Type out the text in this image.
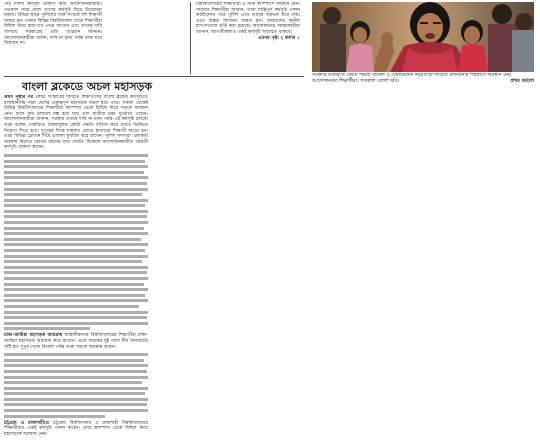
পাঁচ দফায় কর্মসূচি ঘোষণা করে আন্দোলনকারীরা। গতকাল সারা দেশে তাদের কর্মসূচি ঘিরে উত্তেজনা ছড়ায়। বিভিন্ন স্থানে পুলিশের সঙ্গে সংঘর্ষে বহু শিক্ষার্থী আহত হন। ঢাকার বিভিন্ন বিশ্ববিদ্যালয় থেকে শিক্ষার্থীরা মিছিল নিয়ে রাজপথে নেমে আসেন এবং তাদের দাবি আদায়ে সরকারের প্রতি আহ্বান জানান। আন্দোলনকারীরা বলেন, দাবি না মানা পর্যন্ত তারা ঘরে ফিরবেন না।

বিশ্ববিদ্যালয়ের শিক্ষার্থীরা এ সময় ক্যাম্পাসে অবস্থান নেন। সাধারণ শিক্ষার্থীরা জানান, তারা শান্তিপূর্ণ কর্মসূচি পালন করছিলেন। পরে পুলিশ এসে তাদের ছত্রভঙ্গ করে দেয়। এতে অন্তত বিশজন আহত হন। আহতদের স্থানীয় হাসপাতালে ভর্তি করা হয়েছে। আন্দোলনের সমন্বয়কারীরা জানান, আগামীকালও একই কর্মসূচি অব্যাহত থাকবে।

এরপর পৃষ্ঠা ২ কলাম ১

সরকারি চাকরিতে কোটা পদ্ধতি বাতিল ও মেধাভিত্তিক নিয়োগের দাবিতে রাজধানীর শাহবাগে অবস্থান নেয় আন্দোলনরত শিক্ষার্থীরা। গতকাল তোলা ছবি।	প্রথম আলো
বাংলা ব্লকেডে অচল মহাসড়ক

প্রথম পৃষ্ঠার পর কোটা সংস্কারের দাবিতে শিক্ষার্থীদের বাংলা ব্লকেড কর্মসূচিতে রাজধানীসহ সারা দেশের গুরুত্বপূর্ণ মহাসড়ক অচল হয়ে পড়ে। সকাল থেকেই বিভিন্ন বিশ্ববিদ্যালয়ের শিক্ষার্থীরা ক্যাম্পাস থেকে মিছিল নিয়ে সড়কে অবস্থান নেন। ফলে যান চলাচল বন্ধ হয়ে যায় এবং যাত্রীরা চরম দুর্ভোগে পড়েন। আন্দোলনকারীরা জানান, সরকার তাদের দাবি না মানা পর্যন্ত এই কর্মসূচি চলবে। তারা বলেন, চাকরিতে বৈষম্যমূলক কোটা পদ্ধতি বাতিল করে মেধার ভিত্তিতে নিয়োগ দিতে হবে। দুপুরের দিকে শাহবাগ মোড়ে হাজারো শিক্ষার্থী জড়ো হন। তারা বিভিন্ন স্লোগান দিয়ে এলাকা মুখরিত করে রাখেন। পুলিশ সদস্যরা এলাকায় অবস্থান নিলেও কোনো ধরনের বাধা দেয়নি। বিকেলে আন্দোলনকারীরা পরবর্তী কর্মসূচি ঘোষণা করেন।

ঢাকা-আরিচা মহাসড়ক অবরোধ জাহাঙ্গীরনগর বিশ্ববিদ্যালয়ের শিক্ষার্থীরা ঢাকা-আরিচা মহাসড়ক অবরোধ করে রাখেন। এতে সড়কের দুই পাশে দীর্ঘ যানজটের সৃষ্টি হয়। দুপুর থেকে বিকেল পর্যন্ত তারা সড়কে অবস্থান করেন।

চট্টগ্রাম ও রাজশাহীতে চট্টগ্রাম বিশ্ববিদ্যালয় ও রাজশাহী বিশ্ববিদ্যালয়ের শিক্ষার্থীরাও একই কর্মসূচি পালন করেন। তারা ক্যাম্পাস থেকে মিছিল নিয়ে মহাসড়কে অবস্থান নেন।
